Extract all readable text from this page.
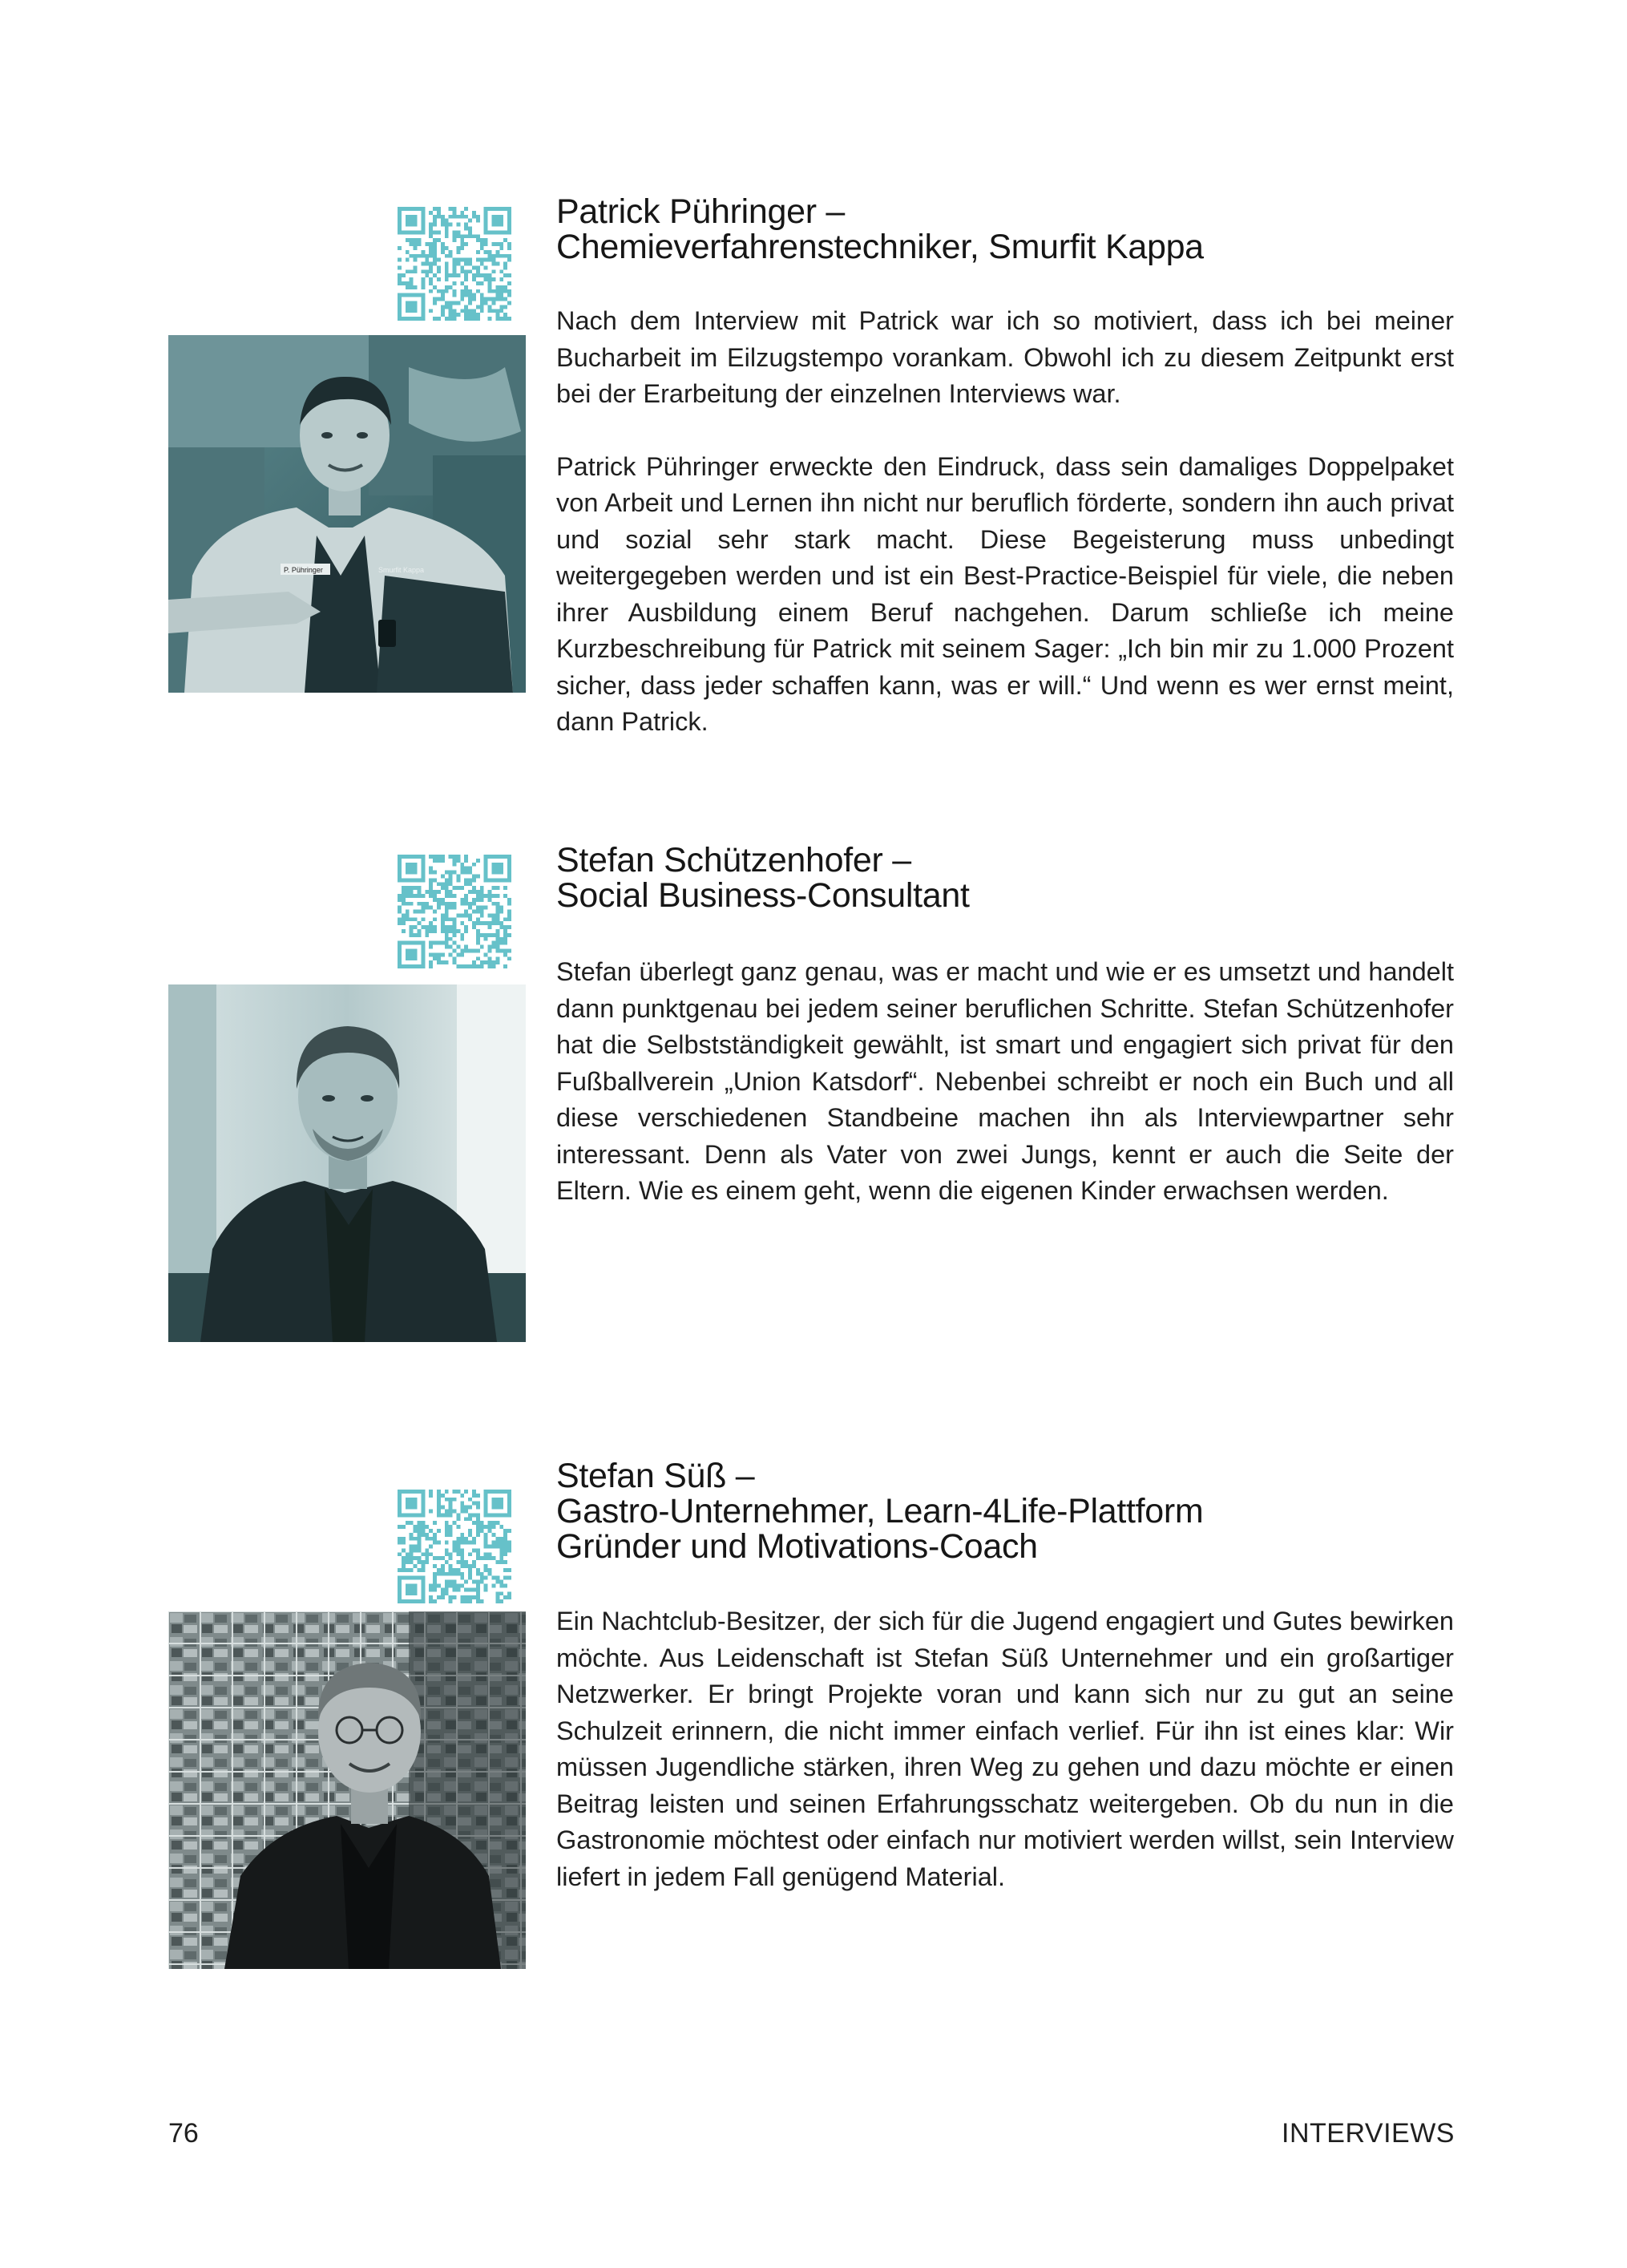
P. Pühringer	Smurfit Kappa
Patrick Pühringer –
Chemieverfahrenstechniker, Smurfit Kappa

Nach dem Interview mit Patrick war ich so motiviert, dass ich bei meiner Bucharbeit im Eilzugstempo vorankam. Obwohl ich zu diesem Zeitpunkt erst bei der Erarbeitung der einzelnen Interviews war.

Patrick Pühringer erweckte den Eindruck, dass sein damaliges Doppelpaket von Arbeit und Lernen ihn nicht nur beruflich förderte, sondern ihn auch privat und sozial sehr stark macht. Diese Begeisterung muss unbedingt weitergegeben werden und ist ein Best-Practice-Beispiel für viele, die neben ihrer Ausbildung einem Beruf nachgehen. Darum schließe ich meine Kurzbeschreibung für Patrick mit seinem Sager: „Ich bin mir zu 1.000 Prozent sicher, dass jeder schaffen kann, was er will.“ Und wenn es wer ernst meint, dann Patrick.

Stefan Schützenhofer –
Social Business-Consultant

Stefan überlegt ganz genau, was er macht und wie er es umsetzt und handelt dann punktgenau bei jedem seiner beruflichen Schritte. Stefan Schützenhofer hat die Selbstständigkeit gewählt, ist smart und engagiert sich privat für den Fußballverein „Union Katsdorf“. Nebenbei schreibt er noch ein Buch und all diese verschiedenen Standbeine machen ihn als Interviewpartner sehr interessant. Denn als Vater von zwei Jungs, kennt er auch die Seite der Eltern. Wie es einem geht, wenn die eigenen Kinder erwachsen werden.

Stefan Süß –
Gastro-Unternehmer, Learn-4Life-Plattform
Gründer und Motivations-Coach

Ein Nachtclub-Besitzer, der sich für die Jugend engagiert und Gutes bewirken möchte. Aus Leidenschaft ist Stefan Süß Unternehmer und ein großartiger Netzwerker. Er bringt Projekte voran und kann sich nur zu gut an seine Schulzeit erinnern, die nicht immer einfach verlief. Für ihn ist eines klar: Wir müssen Jugendliche stärken, ihren Weg zu gehen und dazu möchte er einen Beitrag leisten und seinen Erfahrungsschatz weitergeben. Ob du nun in die Gastronomie möchtest oder einfach nur motiviert werden willst, sein Interview liefert in jedem Fall genügend Material.

76	INTERVIEWS
